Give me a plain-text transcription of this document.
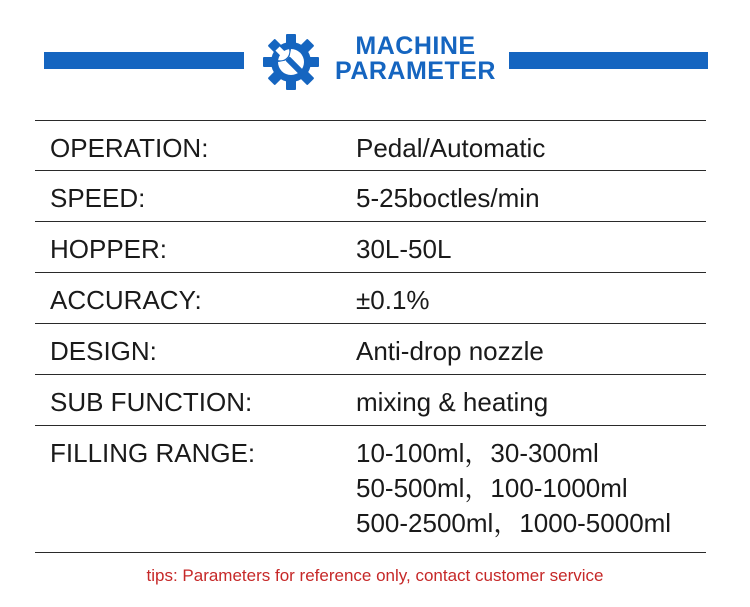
MACHINE
PARAMETER
OPERATION:	Pedal/Automatic
SPEED:	5-25boctles/min
HOPPER:	30L-50L
ACCURACY:	±0.1%
DESIGN:	Anti-drop nozzle
SUB FUNCTION:	mixing & heating
FILLING RANGE:	10-100ml，30-300ml
50-500ml，100-1000ml
500-2500ml，1000-5000ml
tips: Parameters for reference only, contact customer service
